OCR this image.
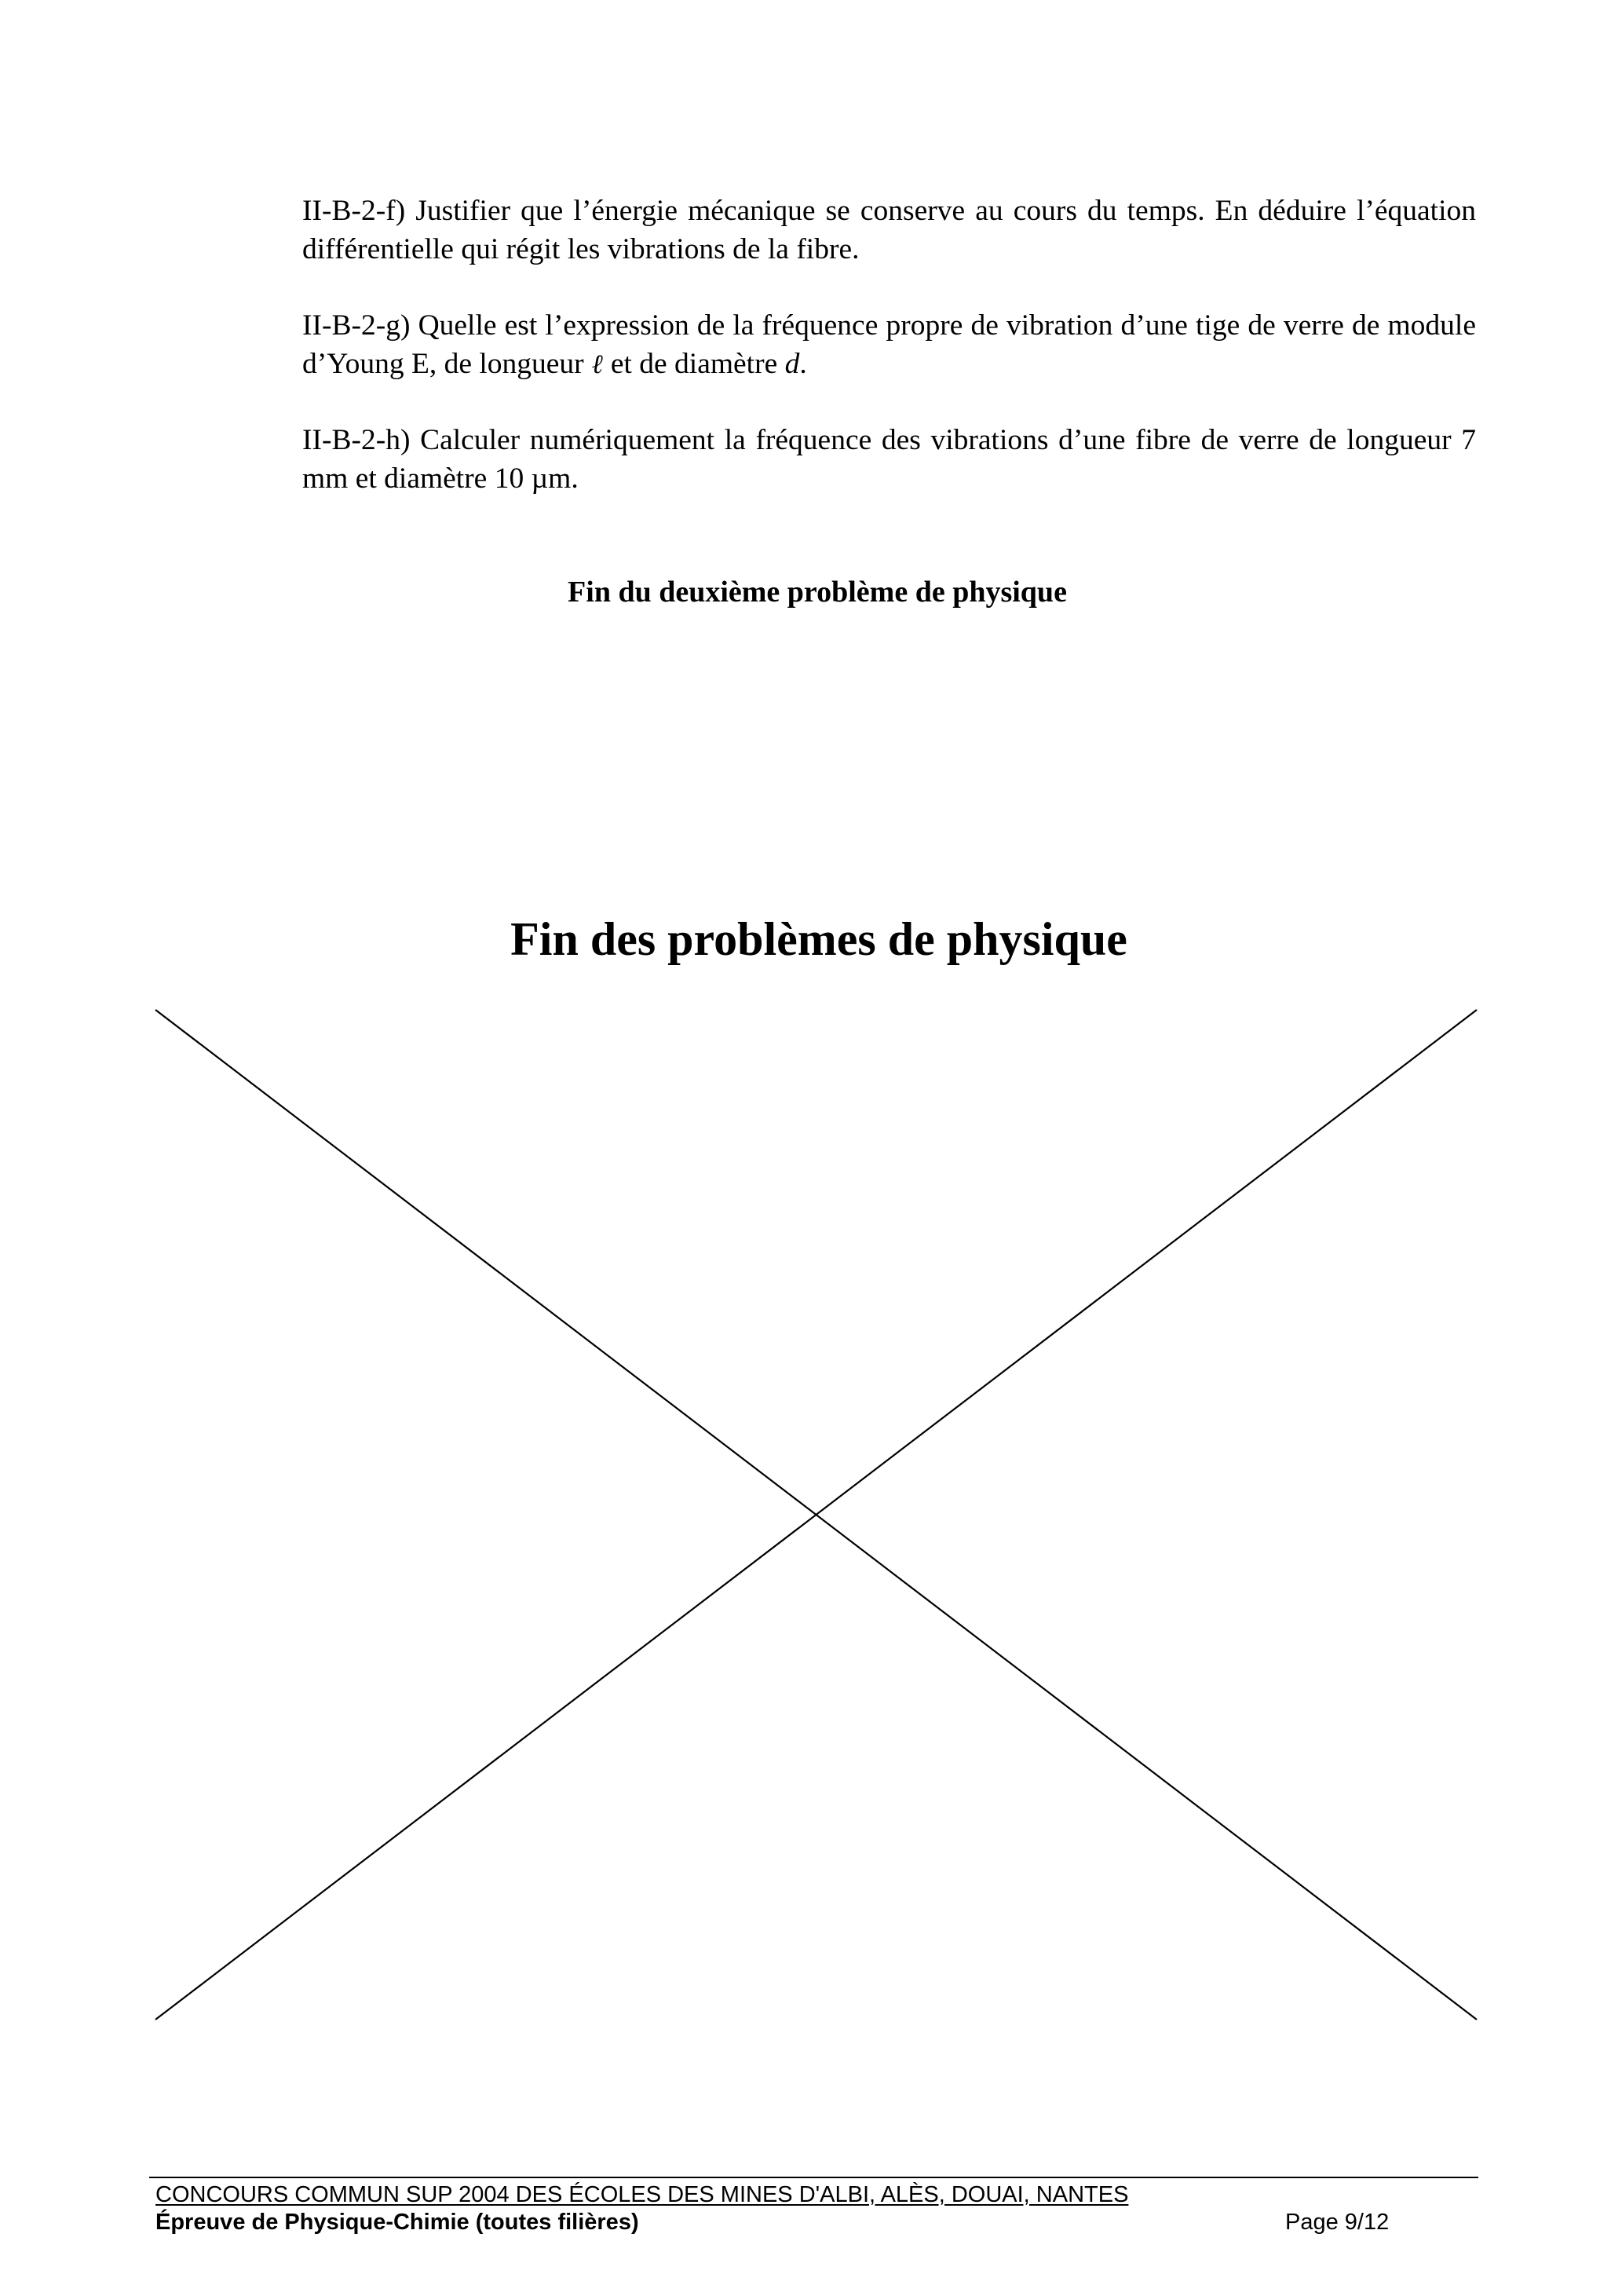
II-B-2-f) Justifier que l’énergie mécanique se conserve au cours du temps. En déduire l’équation différentielle qui régit les vibrations de la fibre.

II-B-2-g) Quelle est l’expression de la fréquence propre de vibration d’une tige de verre de module d’Young E, de longueur ℓ et de diamètre d.

II-B-2-h) Calculer numériquement la fréquence des vibrations d’une fibre de verre de longueur 7 mm et diamètre 10 µm.

Fin du deuxième problème de physique

Fin des problèmes de physique

CONCOURS COMMUN SUP 2004 DES ÉCOLES DES MINES D'ALBI, ALÈS, DOUAI, NANTES

Épreuve de Physique-Chimie (toutes filières)	Page 9/12
